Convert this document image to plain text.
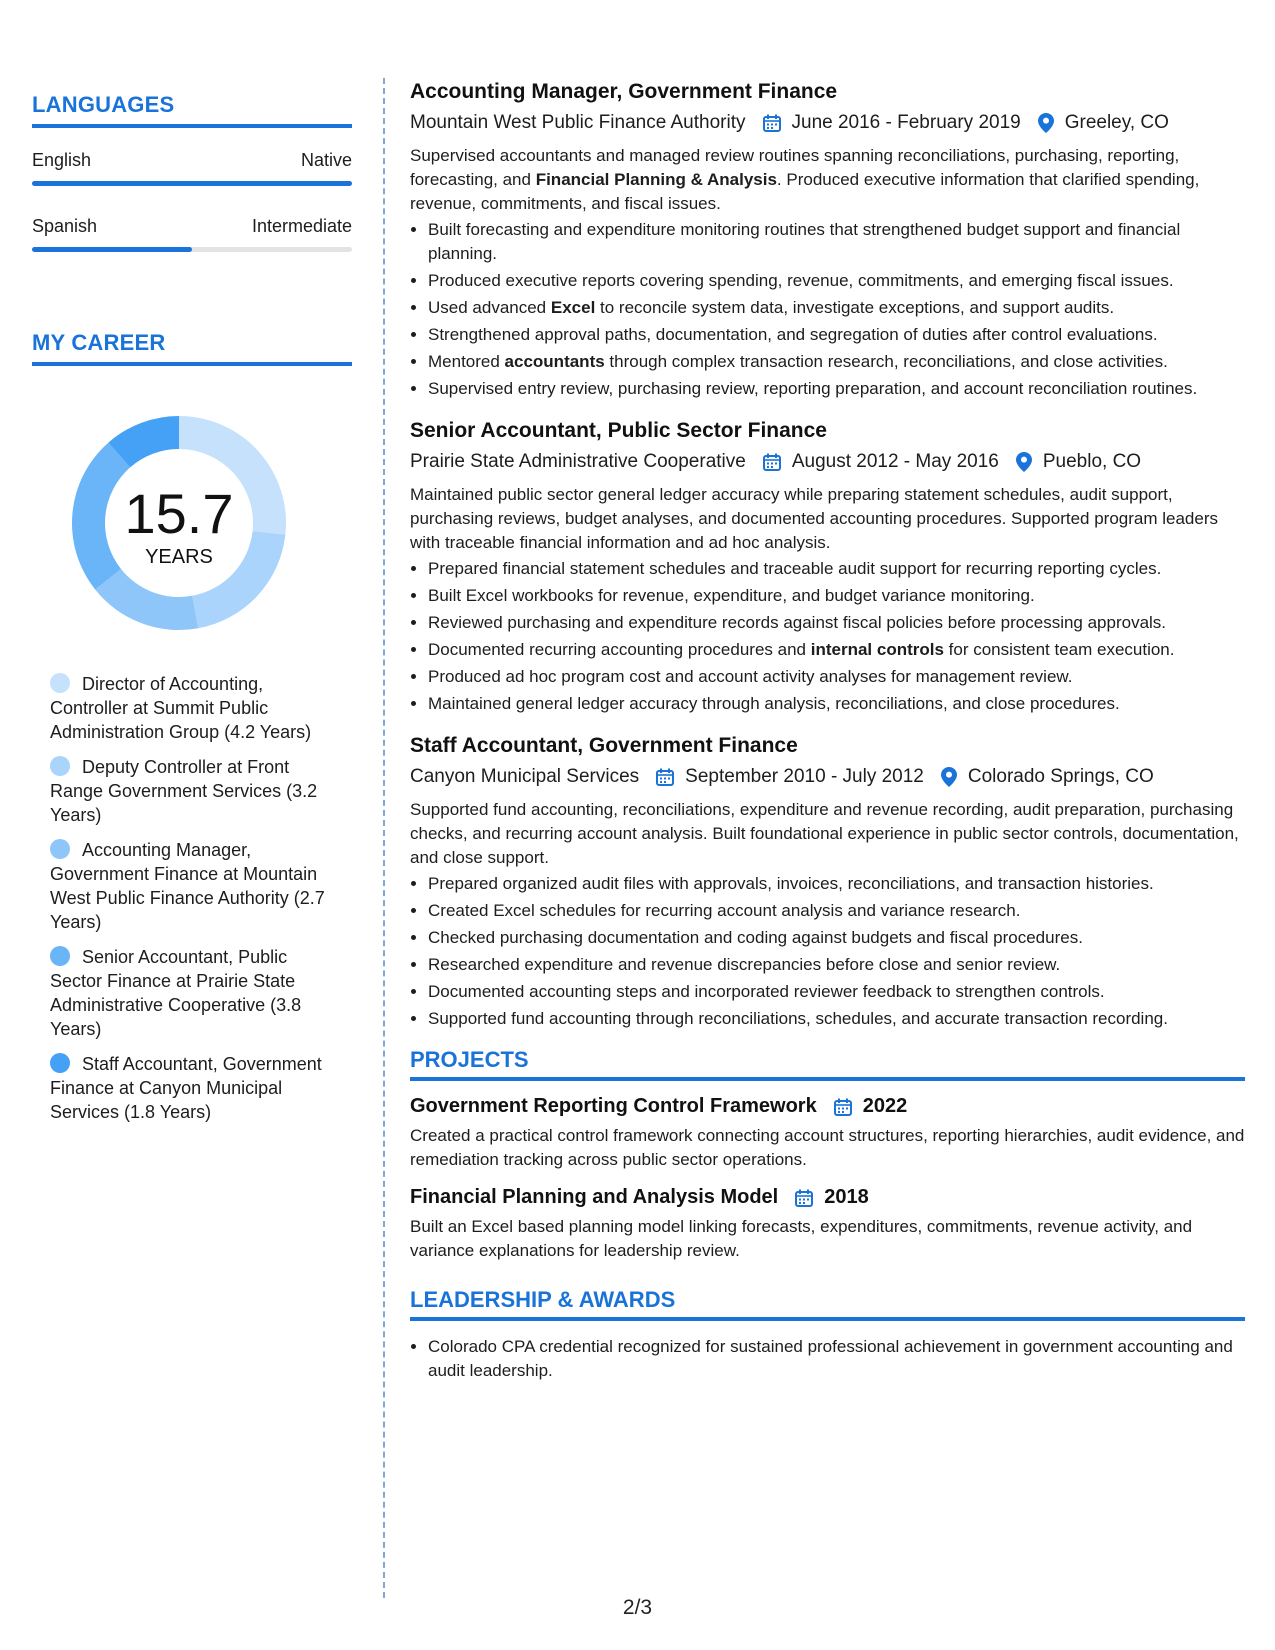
LANGUAGES
English	Native
Spanish	Intermediate
MY CAREER
15.7
YEARS
Director of Accounting, Controller at Summit Public Administration Group (4.2 Years)
Deputy Controller at Front Range Government Services (3.2 Years)
Accounting Manager, Government Finance at Mountain West Public Finance Authority (2.7 Years)
Senior Accountant, Public Sector Finance at Prairie State Administrative Cooperative (3.8 Years)
Staff Accountant, Government Finance at Canyon Municipal Services (1.8 Years)
Accounting Manager, Government Finance
Mountain West Public Finance Authority June 2016 - February 2019 Greeley, CO
Supervised accountants and managed review routines spanning reconciliations, purchasing, reporting, forecasting, and Financial Planning & Analysis. Produced executive information that clarified spending, revenue, commitments, and fiscal issues.
• Built forecasting and expenditure monitoring routines that strengthened budget support and financial planning.
• Produced executive reports covering spending, revenue, commitments, and emerging fiscal issues.
• Used advanced Excel to reconcile system data, investigate exceptions, and support audits.
• Strengthened approval paths, documentation, and segregation of duties after control evaluations.
• Mentored accountants through complex transaction research, reconciliations, and close activities.
• Supervised entry review, purchasing review, reporting preparation, and account reconciliation routines.
Senior Accountant, Public Sector Finance
Prairie State Administrative Cooperative August 2012 - May 2016 Pueblo, CO
Maintained public sector general ledger accuracy while preparing statement schedules, audit support, purchasing reviews, budget analyses, and documented accounting procedures. Supported program leaders with traceable financial information and ad hoc analysis.
• Prepared financial statement schedules and traceable audit support for recurring reporting cycles.
• Built Excel workbooks for revenue, expenditure, and budget variance monitoring.
• Reviewed purchasing and expenditure records against fiscal policies before processing approvals.
• Documented recurring accounting procedures and internal controls for consistent team execution.
• Produced ad hoc program cost and account activity analyses for management review.
• Maintained general ledger accuracy through analysis, reconciliations, and close procedures.
Staff Accountant, Government Finance
Canyon Municipal Services September 2010 - July 2012 Colorado Springs, CO
Supported fund accounting, reconciliations, expenditure and revenue recording, audit preparation, purchasing checks, and recurring account analysis. Built foundational experience in public sector controls, documentation, and close support.
• Prepared organized audit files with approvals, invoices, reconciliations, and transaction histories.
• Created Excel schedules for recurring account analysis and variance research.
• Checked purchasing documentation and coding against budgets and fiscal procedures.
• Researched expenditure and revenue discrepancies before close and senior review.
• Documented accounting steps and incorporated reviewer feedback to strengthen controls.
• Supported fund accounting through reconciliations, schedules, and accurate transaction recording.
PROJECTS
Government Reporting Control Framework 2022
Created a practical control framework connecting account structures, reporting hierarchies, audit evidence, and remediation tracking across public sector operations.
Financial Planning and Analysis Model 2018
Built an Excel based planning model linking forecasts, expenditures, commitments, revenue activity, and variance explanations for leadership review.
LEADERSHIP & AWARDS
• Colorado CPA credential recognized for sustained professional achievement in government accounting and audit leadership.
2/3
